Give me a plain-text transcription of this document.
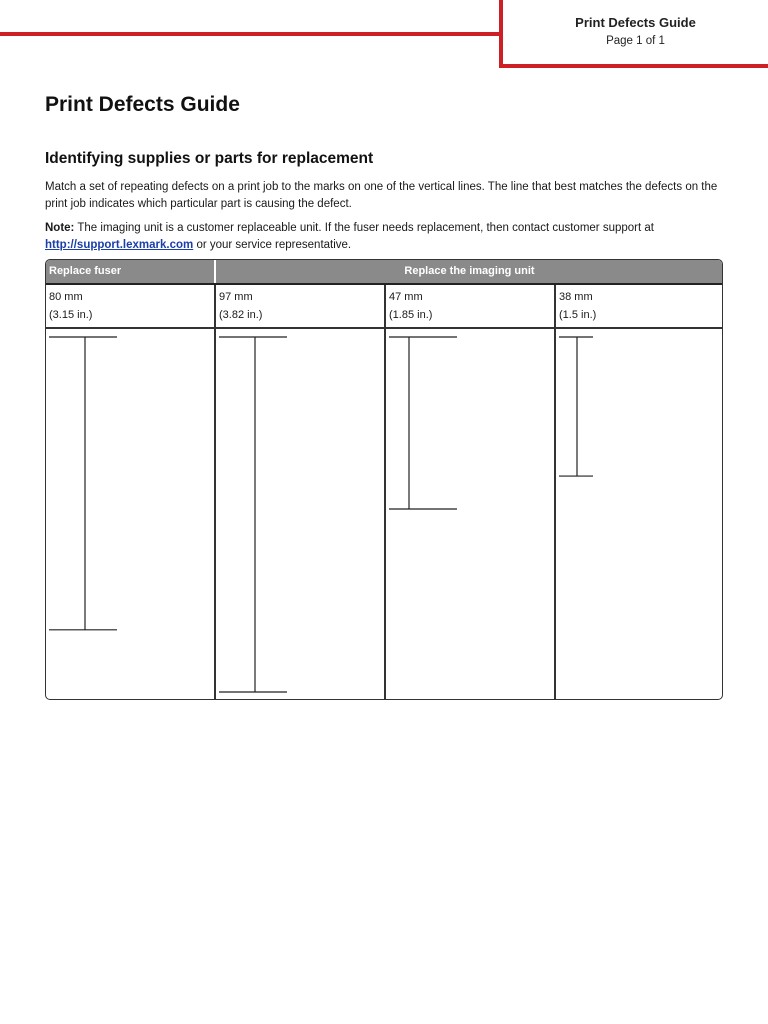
Print Defects Guide
Page 1 of 1
Print Defects Guide
Identifying supplies or parts for replacement

Match a set of repeating defects on a print job to the marks on one of the vertical lines. The line that best matches the defects on the print job indicates which particular part is causing the defect.

Note: The imaging unit is a customer replaceable unit. If the fuser needs replacement, then contact customer support at http://support.lexmark.com or your service representative.

Replace fuser	Replace the imaging unit
80 mm
(3.15 in.)
97 mm
(3.82 in.)
47 mm
(1.85 in.)
38 mm
(1.5 in.)
